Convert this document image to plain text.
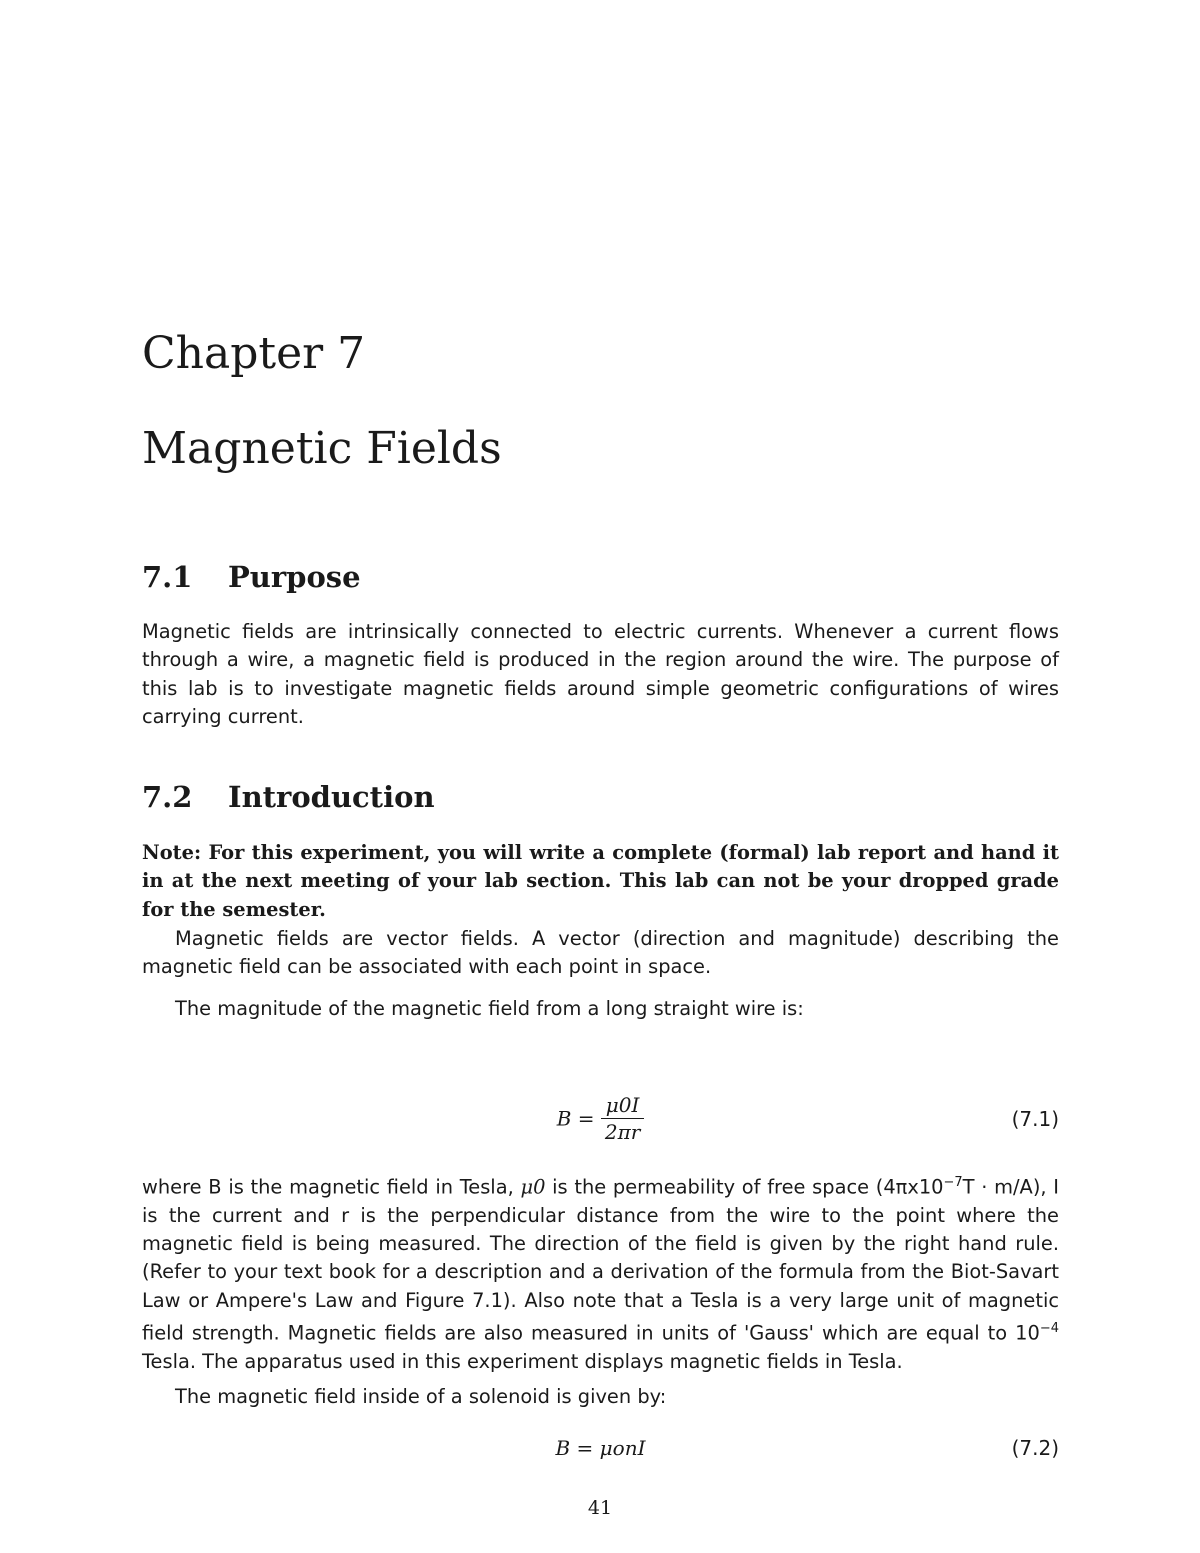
Chapter 7
Magnetic Fields
7.1 Purpose
Magnetic fields are intrinsically connected to electric currents. Whenever a current flows through a wire, a magnetic field is produced in the region around the wire. The purpose of this lab is to investigate magnetic fields around simple geometric configurations of wires carrying current.
7.2 Introduction
Note: For this experiment, you will write a complete (formal) lab report and hand it in at the next meeting of your lab section. This lab can not be your dropped grade for the semester.
Magnetic fields are vector fields. A vector (direction and magnitude) describing the magnetic field can be associated with each point in space.
The magnitude of the magnetic field from a long straight wire is:
$B = \frac{\mu 0I}{2\pi r}$	(7.1)
where B is the magnetic field in Tesla, μ0 is the permeability of free space $(4\pi x10^{-7}T \cdot m/A)$, I is the current and r is the perpendicular distance from the wire to the point where the magnetic field is being measured. The direction of the field is given by the right hand rule. (Refer to your text book for a description and a derivation of the formula from the Biot-Savart Law or Ampere's Law and Figure 7.1). Also note that a Tesla is a very large unit of magnetic field strength. Magnetic fields are also measured in units of 'Gauss' which are equal to $10^{-4}$ Tesla. The apparatus used in this experiment displays magnetic fields in Tesla.
The magnetic field inside of a solenoid is given by:
B = μonI	(7.2)
41
